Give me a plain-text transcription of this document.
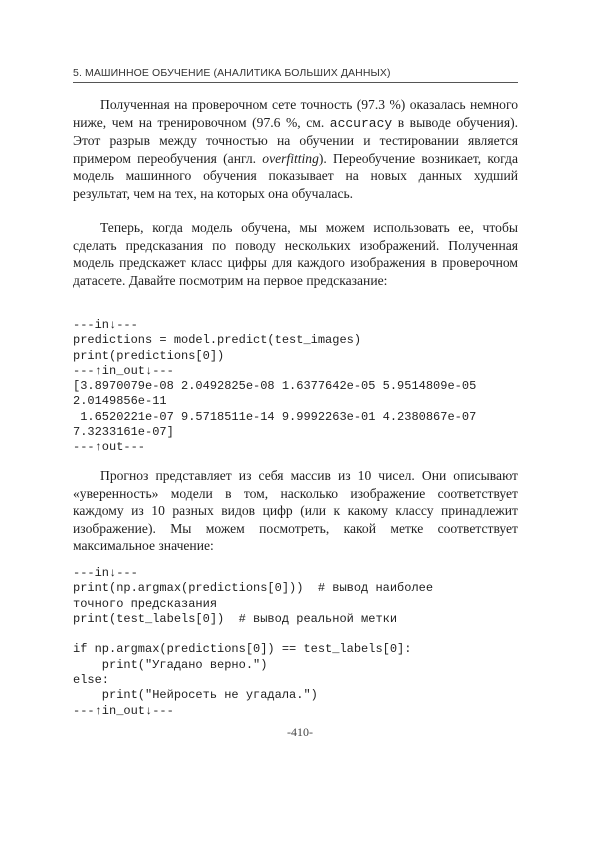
5. МАШИННОЕ ОБУЧЕНИЕ (АНАЛИТИКА БОЛЬШИХ ДАННЫХ)

Полученная на проверочном сете точность (97.3 %) оказалась немного ниже, чем на тренировочном (97.6 %, см. accuracy в выводе обучения). Этот разрыв между точностью на обучении и тестировании является примером переобучения (англ. overfitting). Переобучение возникает, когда модель машинного обучения показывает на новых данных худший результат, чем на тех, на которых она обучалась.

Теперь, когда модель обучена, мы можем использовать ее, чтобы сделать предсказания по поводу нескольких изображений. Полученная модель предскажет класс цифры для каждого изображения в проверочном датасете. Давайте посмотрим на первое предсказание:

---in↓---
predictions = model.predict(test_images)
print(predictions[0])
---↑in_out↓---
[3.8970079e-08 2.0492825e-08 1.6377642e-05 5.9514809e-05
2.0149856e-11
1.6520221e-07 9.5718511e-14 9.9992263e-01 4.2380867e-07
7.3233161e-07]
---↑out---

Прогноз представляет из себя массив из 10 чисел. Они описывают «уверенность» модели в том, насколько изображение соответствует каждому из 10 разных видов цифр (или к какому классу принадлежит изображение). Мы можем посмотреть, какой метке соответствует максимальное значение:

---in↓---
print(np.argmax(predictions[0]))  # вывод наиболее
точного предсказания
print(test_labels[0])  # вывод реальной метки

if np.argmax(predictions[0]) == test_labels[0]:
print("Угадано верно.")
else:
print("Нейросеть не угадала.")
---↑in_out↓---
-410-
